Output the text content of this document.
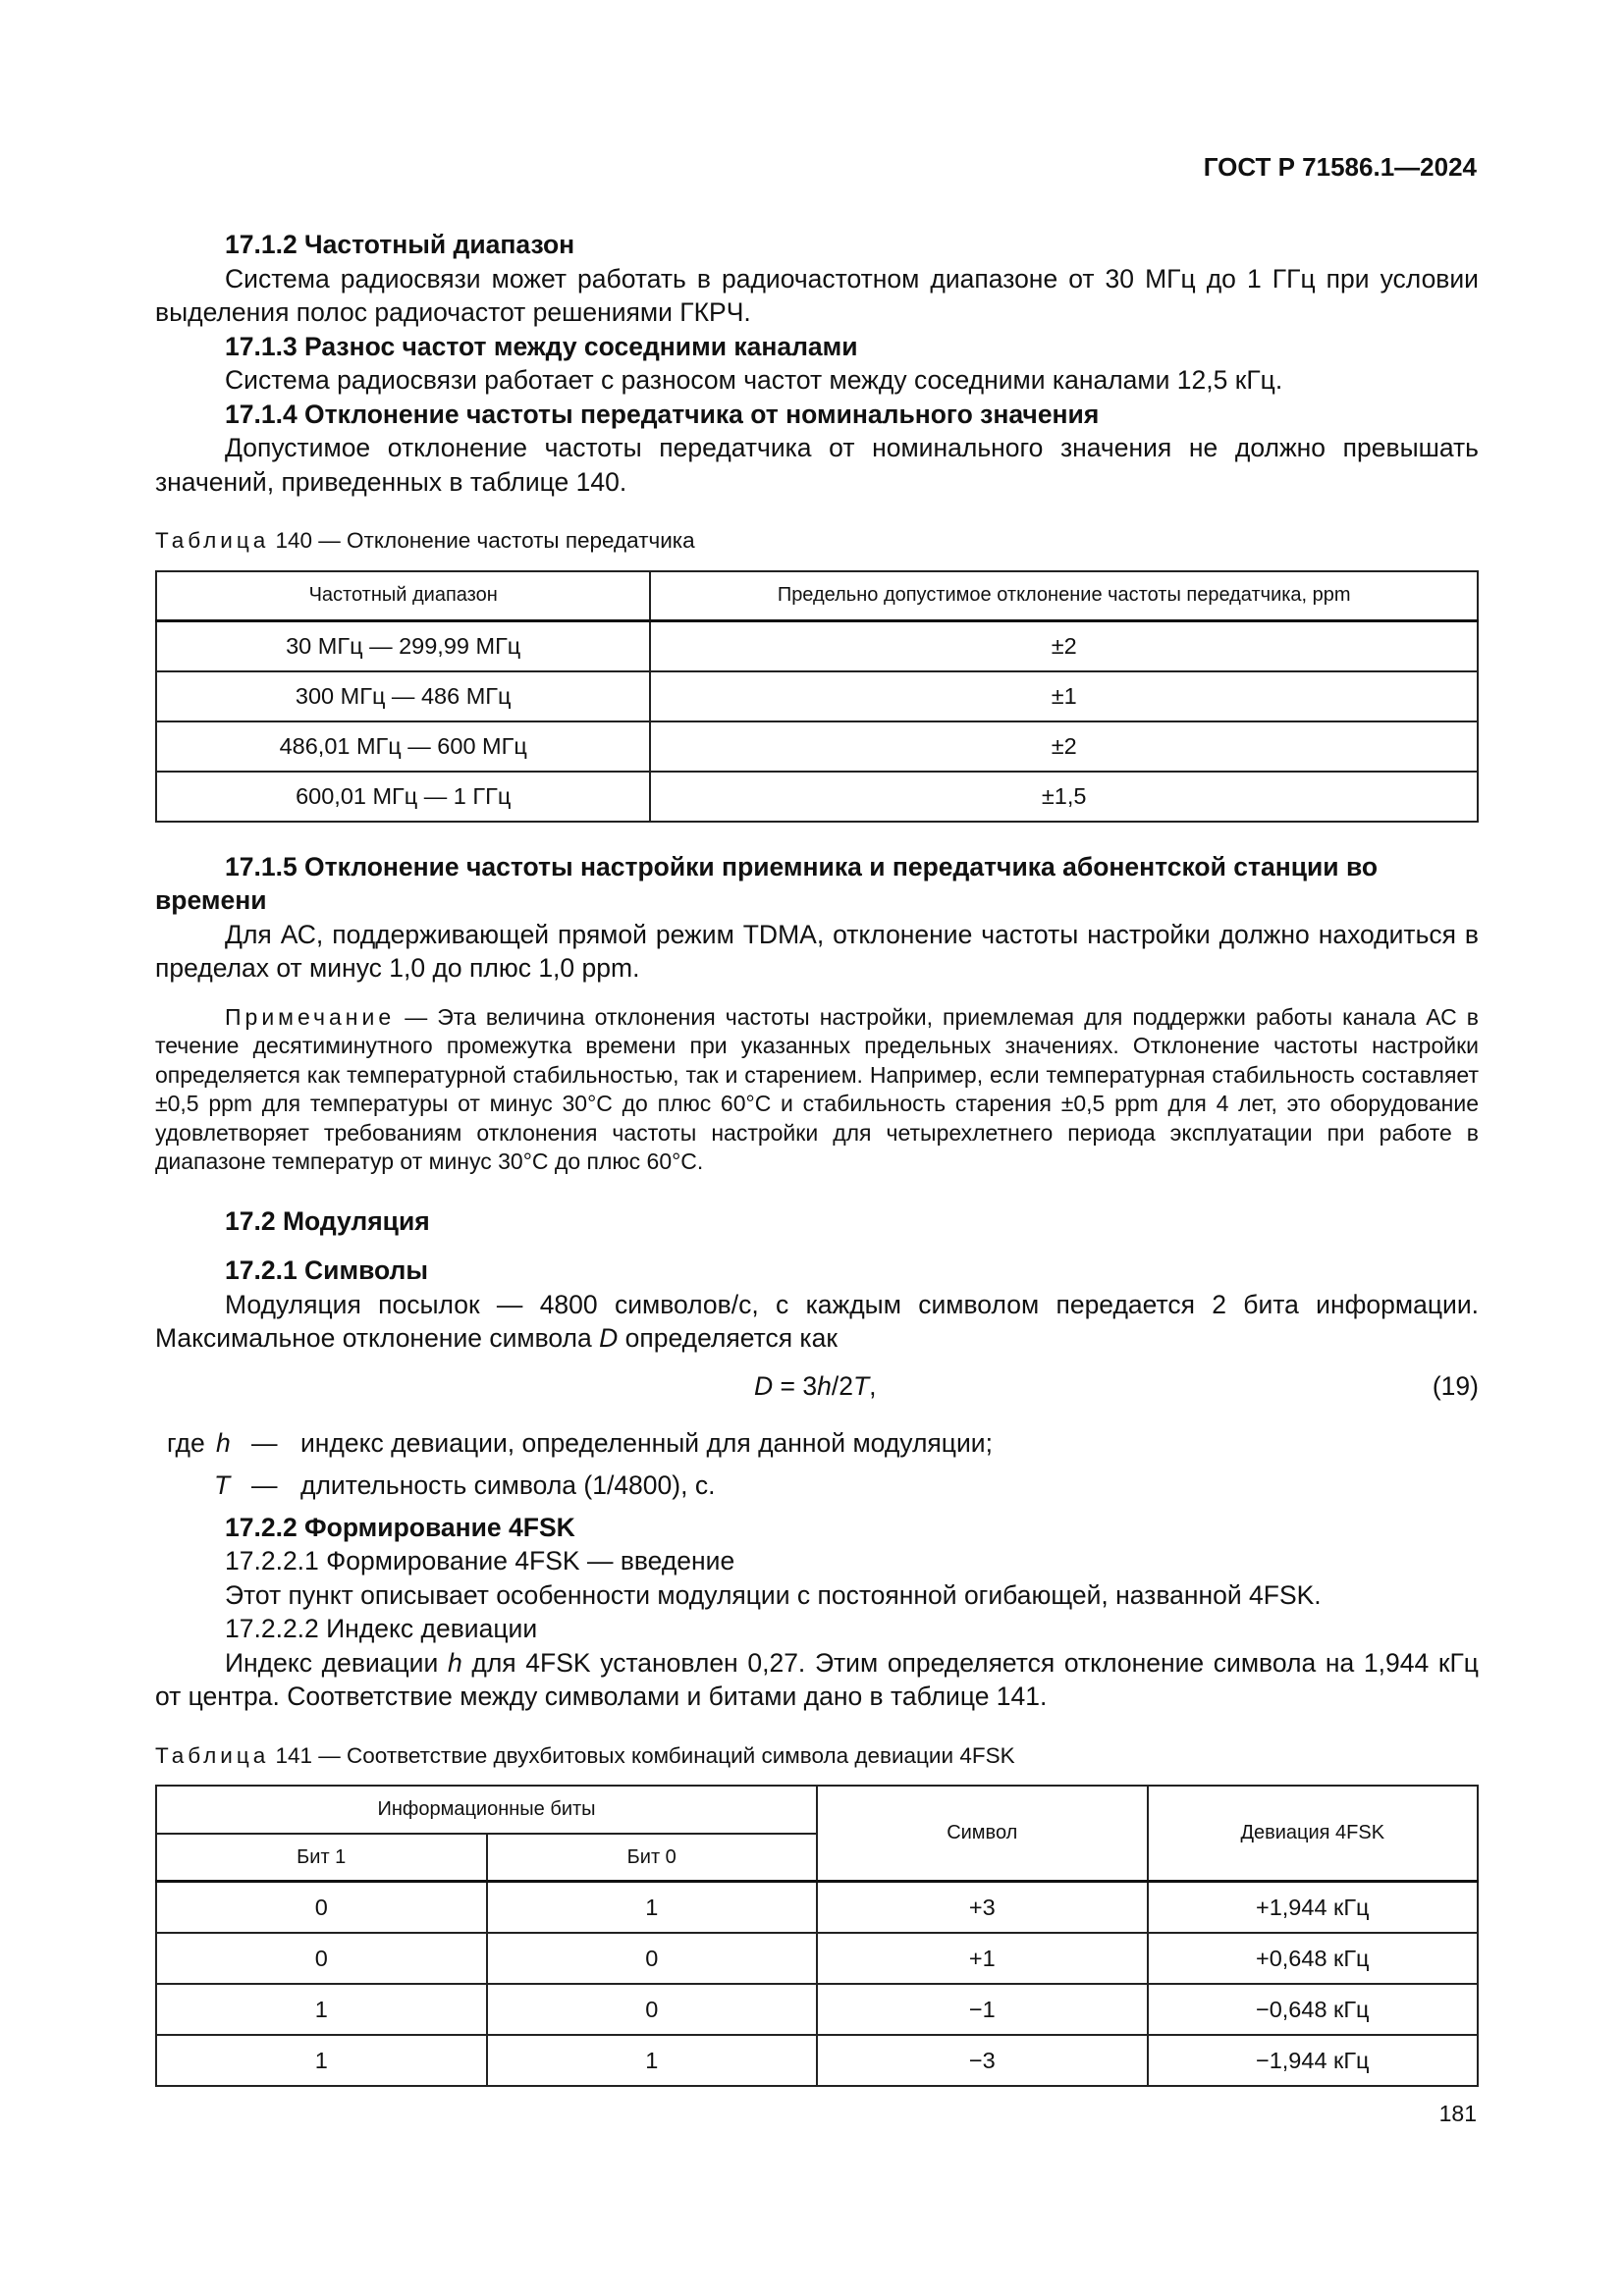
ГОСТ Р 71586.1—2024

17.1.2 Частотный диапазон

Система радиосвязи может работать в радиочастотном диапазоне от 30 МГц до 1 ГГц при условии выделения полос радиочастот решениями ГКРЧ.

17.1.3 Разнос частот между соседними каналами

Система радиосвязи работает с разносом частот между соседними каналами 12,5 кГц.

17.1.4 Отклонение частоты передатчика от номинального значения

Допустимое отклонение частоты передатчика от номинального значения не должно превышать значений, приведенных в таблице 140.

Таблица 140 — Отклонение частоты передатчика
Частотный диапазон	Предельно допустимое отклонение частоты передатчика, ppm
30 МГц — 299,99 МГц	±2
300 МГц — 486 МГц	±1
486,01 МГц — 600 МГц	±2
600,01 МГц — 1 ГГц	±1,5

17.1.5 Отклонение частоты настройки приемника и передатчика абонентской станции во времени

Для АС, поддерживающей прямой режим TDMA, отклонение частоты настройки должно находиться в пределах от минус 1,0 до плюс 1,0 ppm.

Примечание — Эта величина отклонения частоты настройки, приемлемая для поддержки работы канала АС в течение десятиминутного промежутка времени при указанных предельных значениях. Отклонение частоты настройки определяется как температурной стабильностью, так и старением. Например, если температурная стабильность составляет ±0,5 ppm для температуры от минус 30°С до плюс 60°С и стабильность старения ±0,5 ppm для 4 лет, это оборудование удовлетворяет требованиям отклонения частоты настройки для четырехлетнего периода эксплуатации при работе в диапазоне температур от минус 30°С до плюс 60°С.

17.2 Модуляция

17.2.1 Символы

Модуляция посылок — 4800 символов/с, с каждым символом передается 2 бита информации. Максимальное отклонение символа D определяется как

D = 3h/2T,	(19)
где h — индекс девиации, определенный для данной модуляции;
T — длительность символа (1/4800), с.

17.2.2 Формирование 4FSK

17.2.2.1 Формирование 4FSK — введение

Этот пункт описывает особенности модуляции с постоянной огибающей, названной 4FSK.

17.2.2.2 Индекс девиации

Индекс девиации h для 4FSK установлен 0,27. Этим определяется отклонение символа на 1,944 кГц от центра. Соответствие между символами и битами дано в таблице 141.

Таблица 141 — Соответствие двухбитовых комбинаций символа девиации 4FSK
Информационные биты		Символ	Девиация 4FSK
Бит 1	Бит 0		
0	1	+3	+1,944 кГц
0	0	+1	+0,648 кГц
1	0	−1	−0,648 кГц
1	1	−3	−1,944 кГц
181
